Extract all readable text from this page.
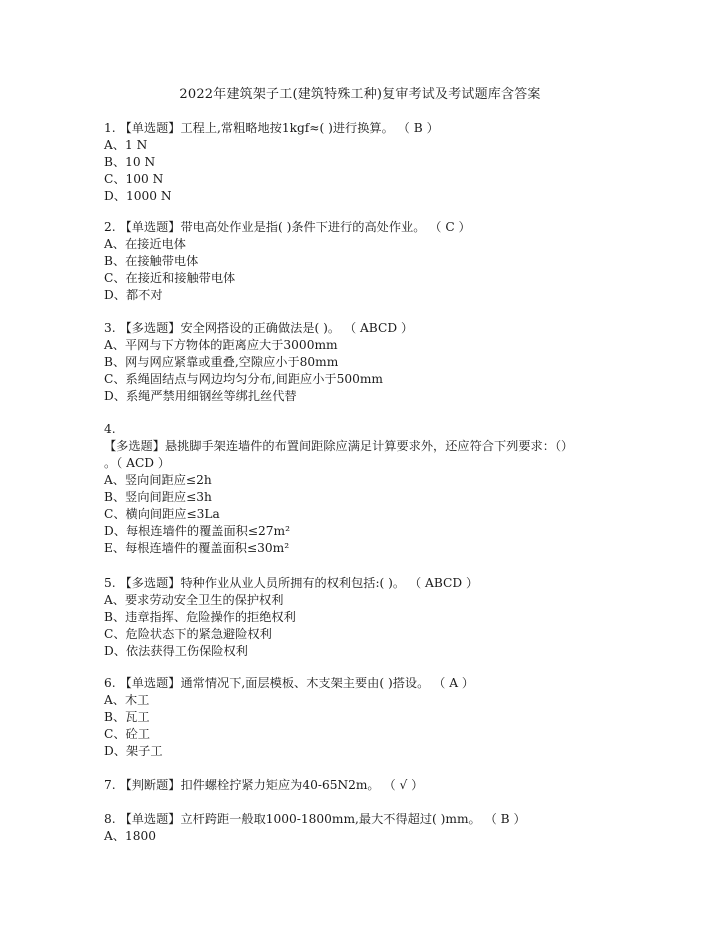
2022年建筑架子工(建筑特殊工种)复审考试及考试题库含答案
1. 【单选题】工程上,常粗略地按1kgf≈( )进行换算。 （ B ）
A、1 N
B、10 N
C、100 N
D、1000 N
2. 【单选题】带电高处作业是指( )条件下进行的高处作业。 （ C ）
A、在接近电体
B、在接触带电体
C、在接近和接触带电体
D、都不对
3. 【多选题】安全网搭设的正确做法是( )。 （ ABCD ）
A、平网与下方物体的距离应大于3000mm
B、网与网应紧靠或重叠,空隙应小于80mm
C、系绳固结点与网边均匀分布,间距应小于500mm
D、系绳严禁用细钢丝等绑扎丝代替
4.
【多选题】悬挑脚手架连墙件的布置间距除应满足计算要求外，还应符合下列要求：（）
。（ ACD ）
A、竖向间距应≤2h
B、竖向间距应≤3h
C、横向间距应≤3La
D、每根连墙件的覆盖面积≤27m²
E、每根连墙件的覆盖面积≤30m²
5. 【多选题】特种作业从业人员所拥有的权利包括:( )。 （ ABCD ）
A、要求劳动安全卫生的保护权利
B、违章指挥、危险操作的拒绝权利
C、危险状态下的紧急避险权利
D、依法获得工伤保险权利
6. 【单选题】通常情况下,面层模板、木支架主要由( )搭设。 （ A ）
A、木工
B、瓦工
C、砼工
D、架子工
7. 【判断题】扣件螺栓拧紧力矩应为40-65N2m。 （ √ ）
8. 【单选题】立杆跨距一般取1000-1800mm,最大不得超过( )mm。 （ B ）
A、1800
